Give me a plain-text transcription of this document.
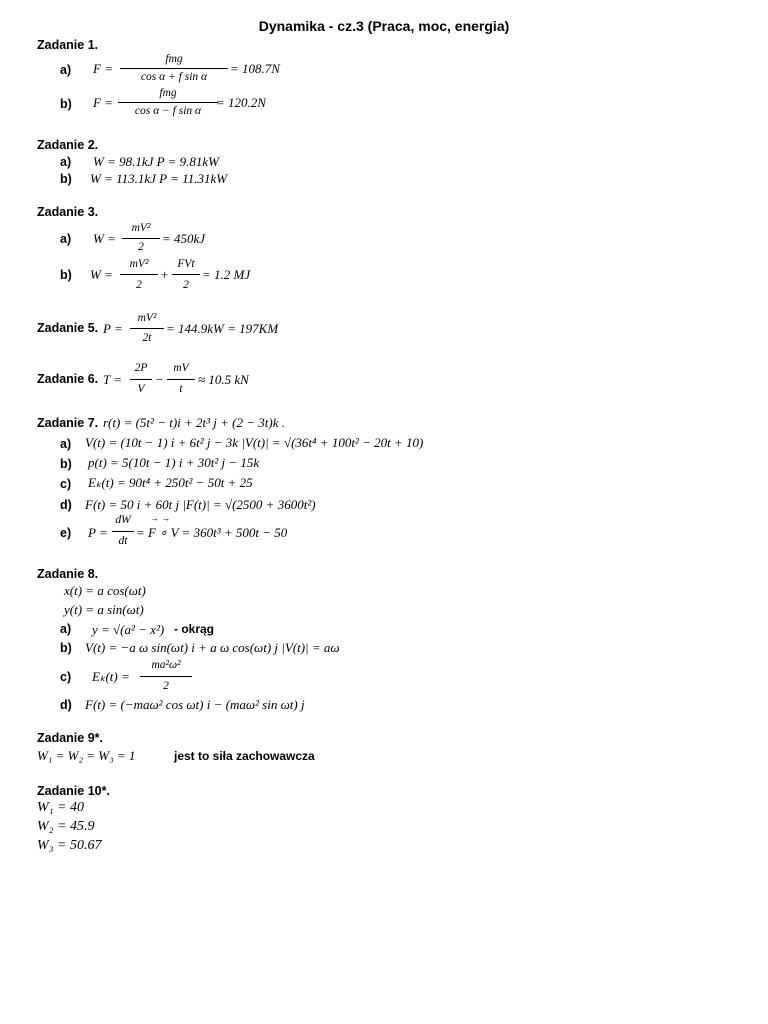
Dynamika - cz.3 (Praca, moc, energia)
Zadanie 1.
a) F =
fmg
cos α + f sin α
= 108.7N
b) F =
fmg
cos α − f sin α
= 120.2N
Zadanie 2.
a) W = 98.1kJ P = 9.81kW
b) W = 113.1kJ P = 11.31kW
Zadanie 3.
a) W =
mV²
2
= 450kJ
b) W =
mV²
2
+
FVt
2
= 1.2 MJ
Zadanie 5. P =
mV²
2t
= 144.9kW = 197KM
Zadanie 6. T =
2P
V
−
mV
t
≈ 10.5 kN
Zadanie 7. r(t) = (5t² − t)i + 2t³ j + (2 − 3t)k .
a) V(t) = (10t − 1) i + 6t² j − 3k |V(t)| = √(36t⁴ + 100t² − 20t + 10)
b) p(t) = 5(10t − 1) i + 30t² j − 15k
c) Eₖ(t) = 90t⁴ + 250t² − 50t + 25
d) F(t) = 50 i + 60t j |F(t)| = √(2500 + 3600t²)
e) P =
dW
dt
→ →
= F ∘ V = 360t³ + 500t − 50
Zadanie 8.
x(t) = a cos(ωt)
y(t) = a sin(ωt)
a) y = √(a² − x²) - okrąg
b) V(t) = −a ω sin(ωt) i + a ω cos(ωt) j |V(t)| = aω
c) Eₖ(t) =
ma²ω²
2
d) F(t) = (−maω² cos ωt) i − (maω² sin ωt) j
Zadanie 9*.
W₁ = W₂ = W₃ = 1	jest to siła zachowawcza
Zadanie 10*.
W₁ = 40
W₂ = 45.9
W₃ = 50.67
